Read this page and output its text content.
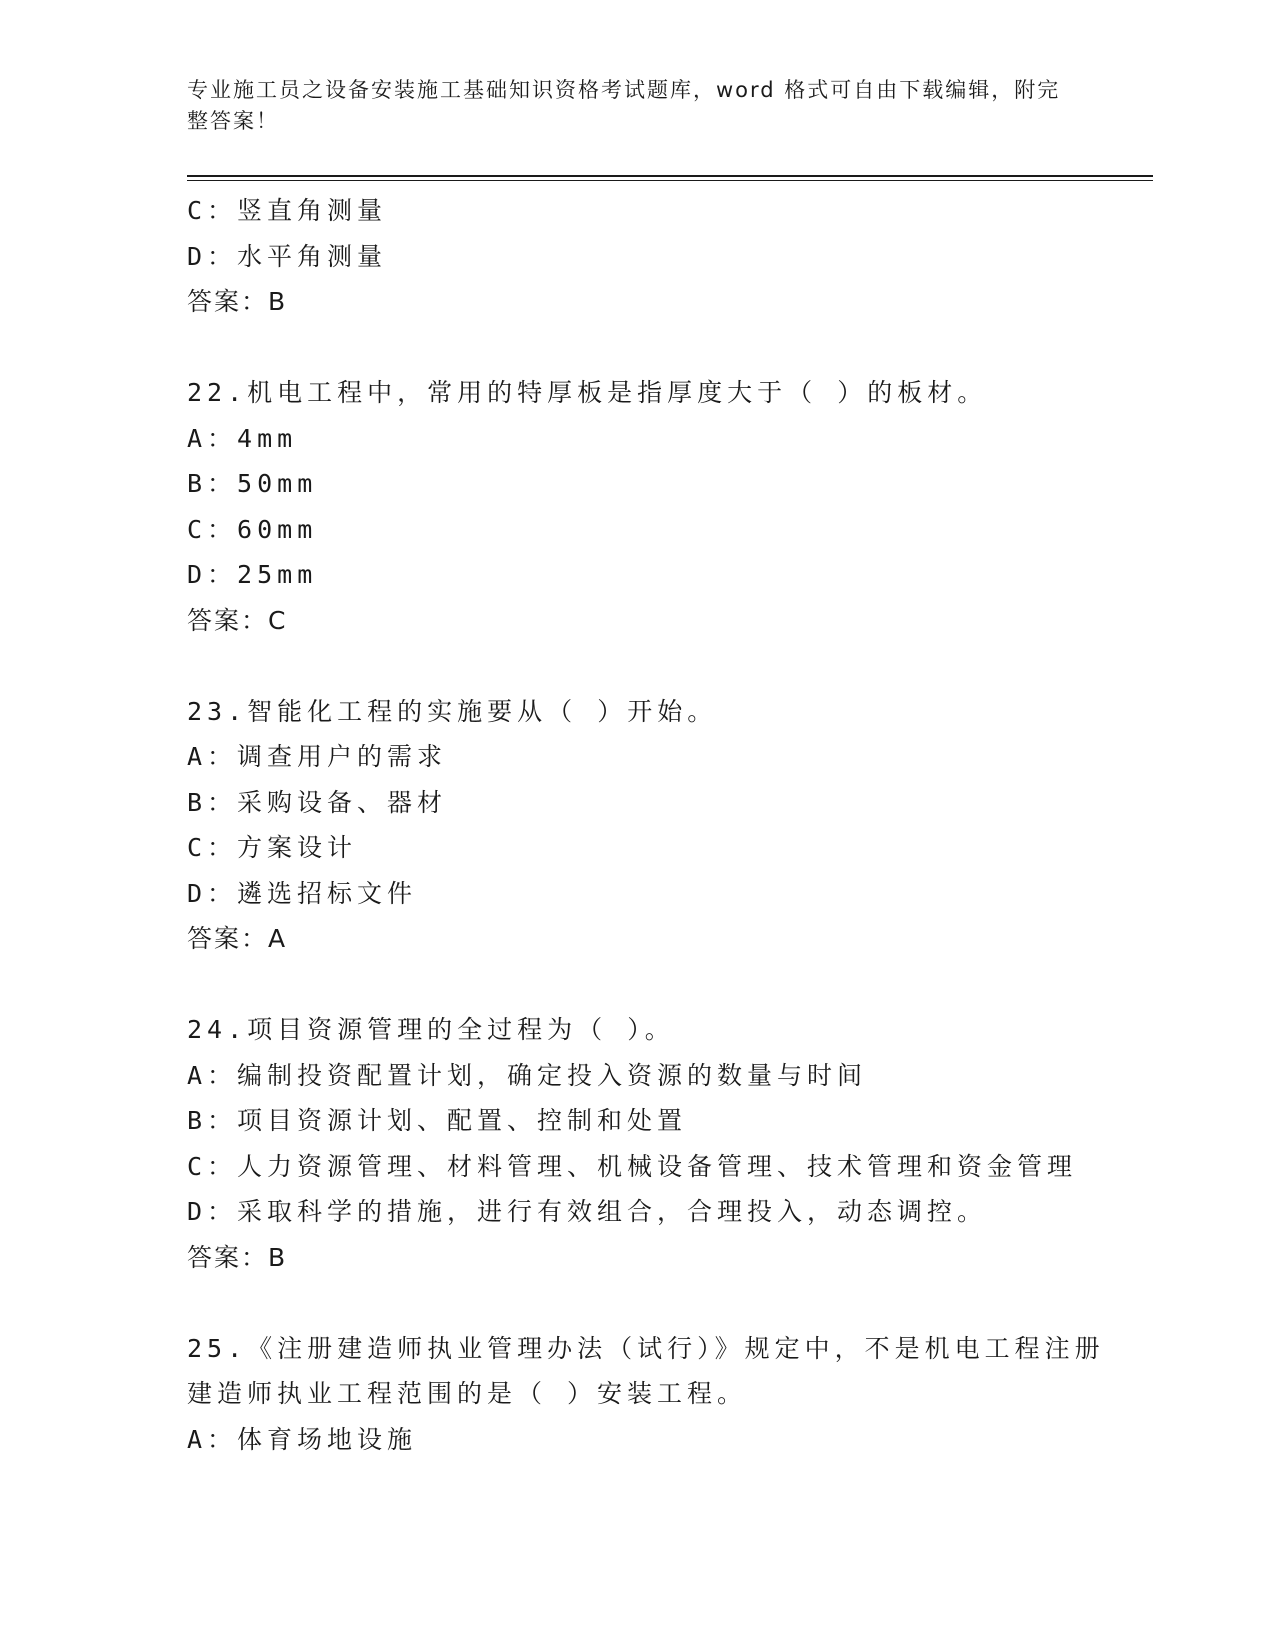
专业施工员之设备安装施工基础知识资格考试题库，word 格式可自由下载编辑，附完整答案！
C：竖直角测量
D：水平角测量
答案：B
22.机电工程中，常用的特厚板是指厚度大于（ ）的板材。
A：4mm
B：50mm
C：60mm
D：25mm
答案：C
23.智能化工程的实施要从（ ）开始。
A：调查用户的需求
B：采购设备、器材
C：方案设计
D：遴选招标文件
答案：A
24.项目资源管理的全过程为（ ）。
A：编制投资配置计划，确定投入资源的数量与时间
B：项目资源计划、配置、控制和处置
C：人力资源管理、材料管理、机械设备管理、技术管理和资金管理
D：采取科学的措施，进行有效组合，合理投入，动态调控。
答案：B
25.《注册建造师执业管理办法（试行）》规定中，不是机电工程注册
建造师执业工程范围的是（ ）安装工程。
A：体育场地设施
